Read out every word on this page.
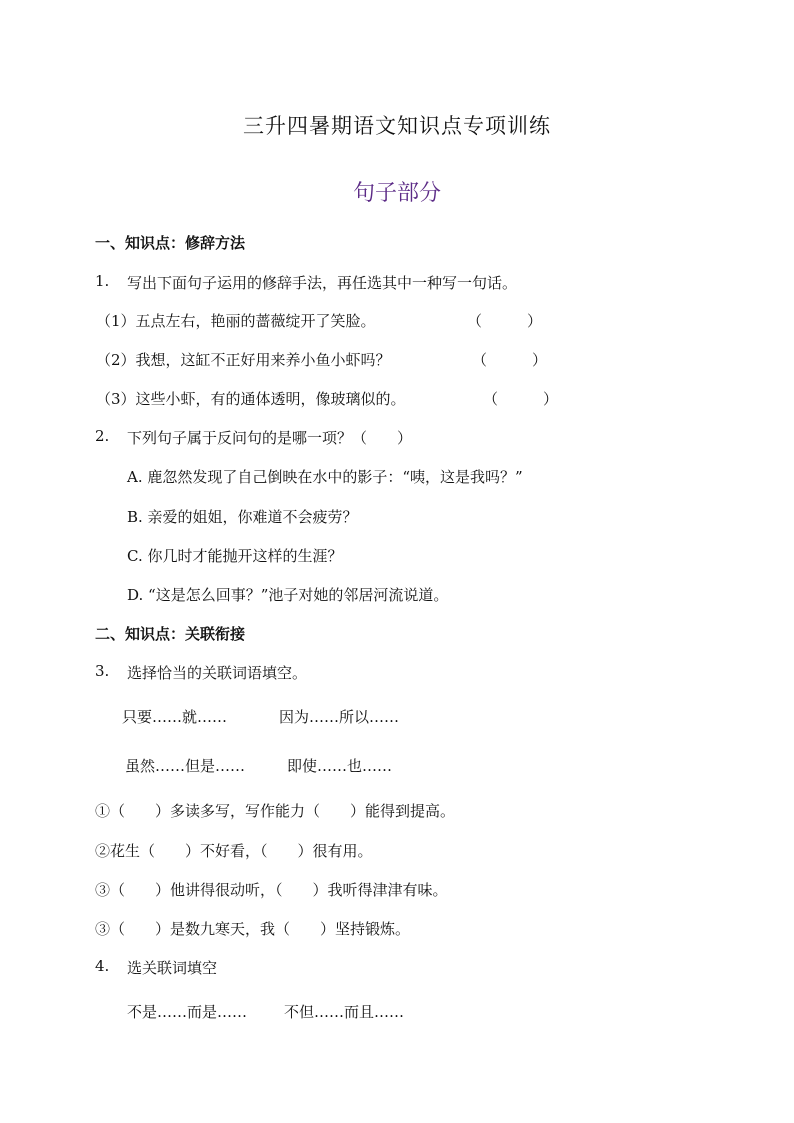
三升四暑期语文知识点专项训练
句子部分
一、知识点：修辞方法
1. 写出下面句子运用的修辞手法，再任选其中一种写一句话。
（1）五点左右，艳丽的蔷薇绽开了笑脸。	（　　　）
（2）我想，这缸不正好用来养小鱼小虾吗？	（　　　）
（3）这些小虾，有的通体透明，像玻璃似的。	（　　　）
2. 下列句子属于反问句的是哪一项？（　　）
A. 鹿忽然发现了自己倒映在水中的影子：“咦，这是我吗？”
B. 亲爱的姐姐，你难道不会疲劳？
C. 你几时才能抛开这样的生涯？
D. “这是怎么回事？”池子对她的邻居河流说道。
二、知识点：关联衔接
3. 选择恰当的关联词语填空。
只要……就……	因为……所以……
虽然……但是……	即使……也……
①（　　）多读多写，写作能力（　　）能得到提高。
②花生（　　）不好看，（　　）很有用。
③（　　）他讲得很动听，（　　）我听得津津有味。
③（　　）是数九寒天，我（　　）坚持锻炼。
4. 选关联词填空
不是……而是…… 不但……而且……
